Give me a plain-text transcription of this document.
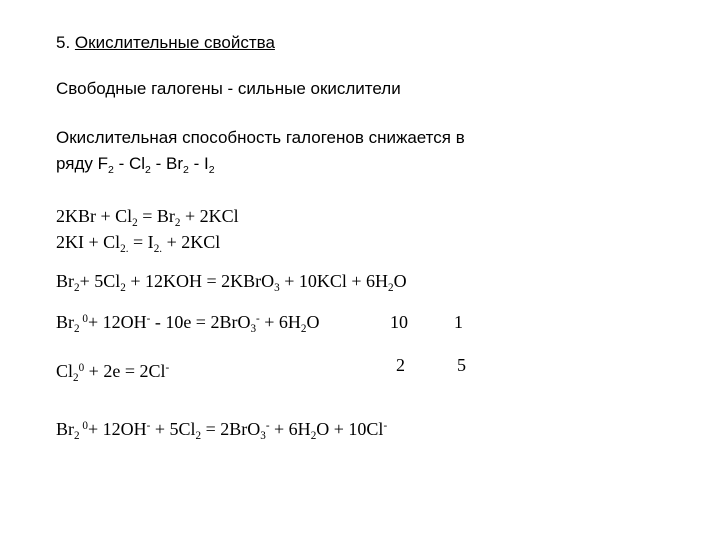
5. Окислительные свойства
Свободные галогены - сильные окислители
Окислительная способность галогенов снижается в
ряду $F_2 - Cl_2 - Br_2 - I_2$
$2KBr + Cl_2 = Br_2 + 2KCl$
$2KI + Cl_{2.} = I_{2.} + 2KCl$
$Br_2+ 5Cl_2 + 12KOH$ = 2KBrO$_3$ + $10KCl + 6H_2O$
$Br_2$ $^0+ 12OH^- - 10e = 2BrO_3^- + 6H_2O$	10	1
$Cl_2^0 + 2e = 2Cl^-$	2	5
$Br_2$ $^0+ 12OH^- + 5Cl_2 = 2BrO_3^- + 6H_2O + 10Cl^-$
